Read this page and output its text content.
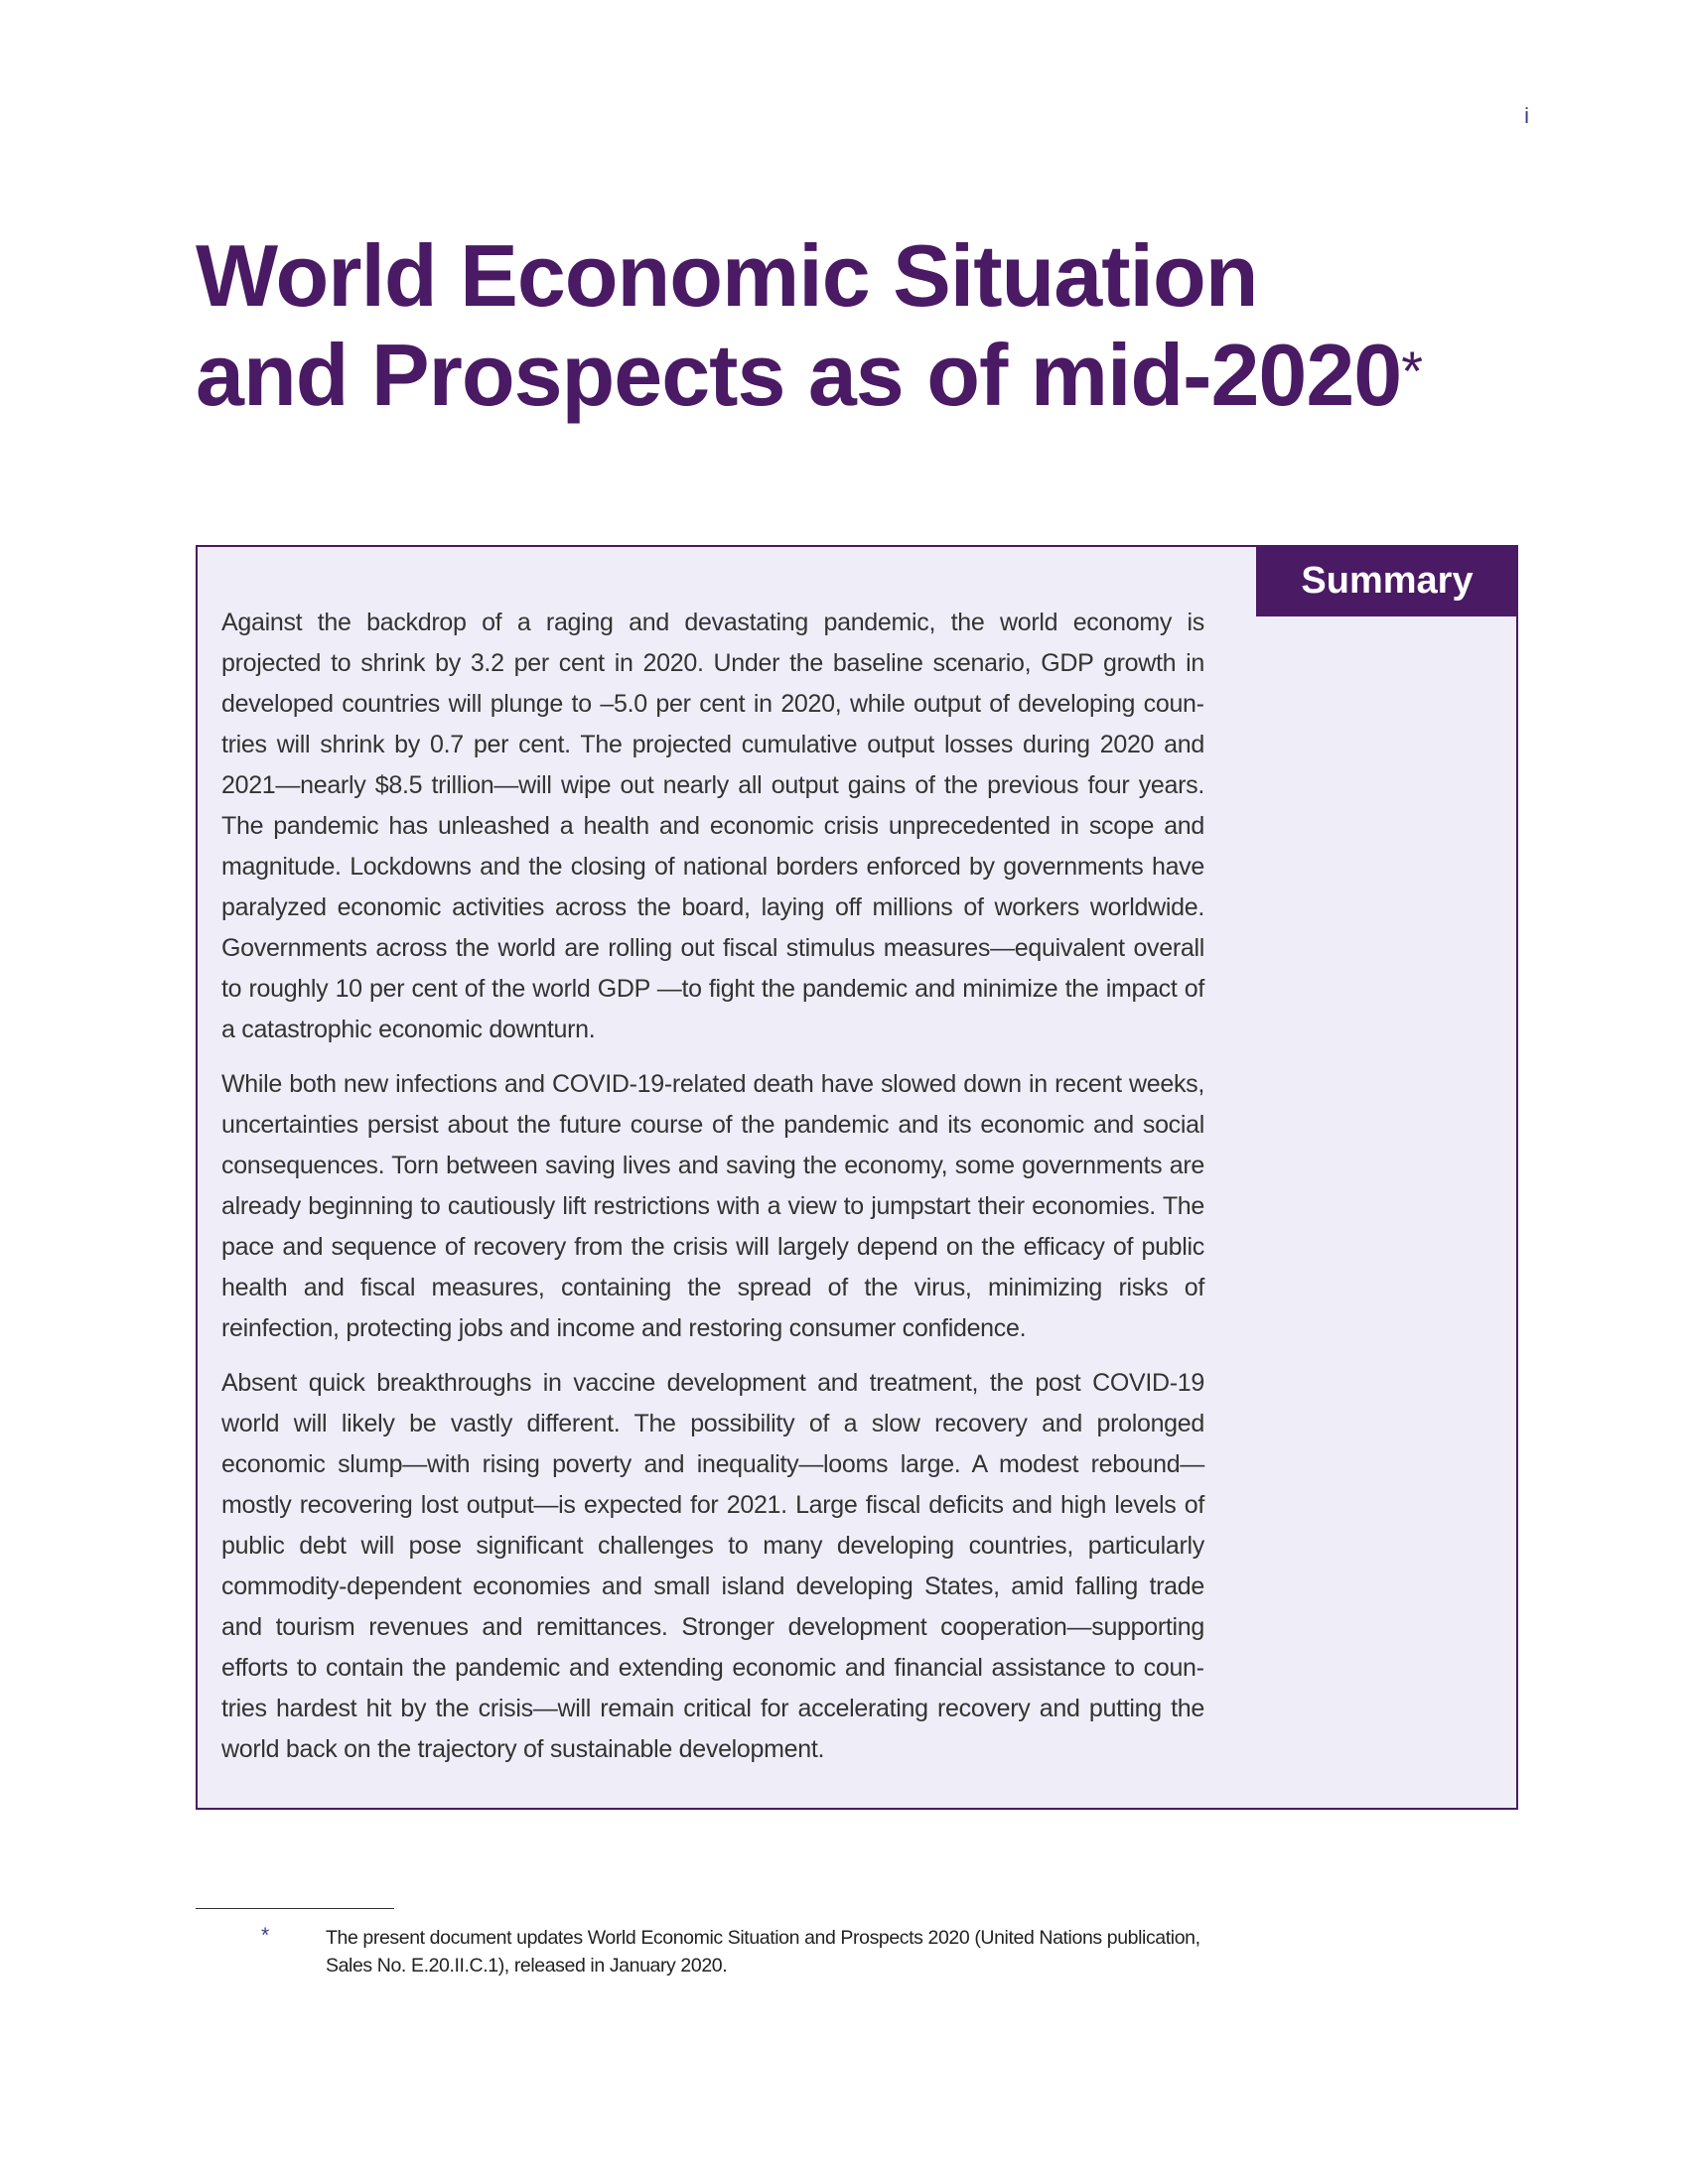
i
World Economic Situation
and Prospects as of mid-2020*
Summary

Against the backdrop of a raging and devastating pandemic, the world economy is projected to shrink by 3.2 per cent in 2020. Under the baseline scenario, GDP growth in developed countries will plunge to –5.0 per cent in 2020, while output of developing countries will shrink by 0.7 per cent. The projected cumulative output losses during 2020 and 2021—nearly $8.5 trillion—will wipe out nearly all output gains of the previous four years. The pandemic has unleashed a health and economic crisis unprecedented in scope and magnitude. Lockdowns and the closing of national borders enforced by governments have paralyzed economic activities across the board, laying off millions of workers worldwide. Governments across the world are rolling out fiscal stimulus measures—equivalent overall to roughly 10 per cent of the world GDP —to fight the pandemic and minimize the impact of a catastrophic economic downturn.

While both new infections and COVID-19-related death have slowed down in recent weeks, uncertainties persist about the future course of the pandemic and its economic and social consequences. Torn between saving lives and saving the economy, some governments are already beginning to cautiously lift restrictions with a view to jumpstart their economies. The pace and sequence of recovery from the crisis will largely depend on the efficacy of public health and fiscal measures, containing the spread of the virus, minimizing risks of reinfection, protecting jobs and income and restoring consumer confidence.

Absent quick breakthroughs in vaccine development and treatment, the post COVID-19 world will likely be vastly different. The possibility of a slow recovery and prolonged economic slump—with rising poverty and inequality—looms large. A modest rebound—mostly recovering lost output—is expected for 2021. Large fiscal deficits and high levels of public debt will pose significant challenges to many developing countries, particularly commodity-dependent economies and small island developing States, amid falling trade and tourism revenues and remittances. Stronger development cooperation—supporting efforts to contain the pandemic and extending economic and financial assistance to countries hardest hit by the crisis—will remain critical for accelerating recovery and putting the world back on the trajectory of sustainable development.

*	The present document updates World Economic Situation and Prospects 2020 (United Nations publication, Sales No. E.20.II.C.1), released in January 2020.
